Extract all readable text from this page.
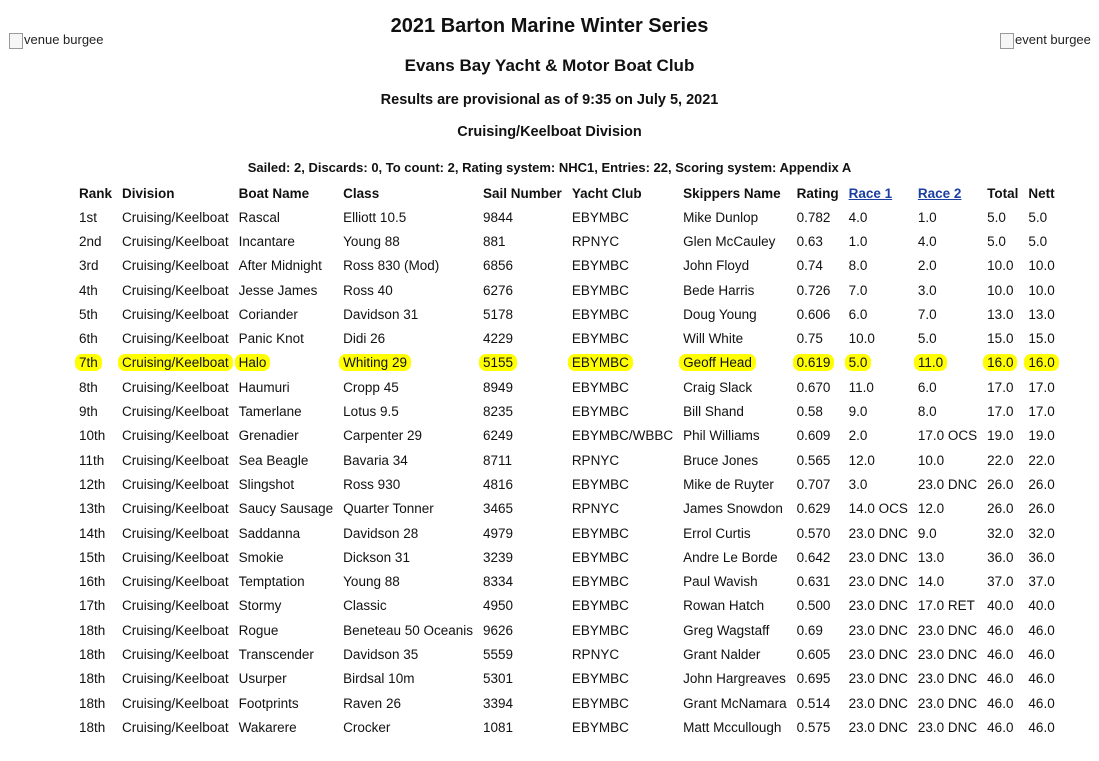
venue burgee	event burgee
2021 Barton Marine Winter Series
Evans Bay Yacht & Motor Boat Club
Results are provisional as of 9:35 on July 5, 2021
Cruising/Keelboat Division
Sailed: 2, Discards: 0, To count: 2, Rating system: NHC1, Entries: 22, Scoring system: Appendix A
Rank	Division	Boat Name	Class	Sail Number	Yacht Club	Skippers Name	Rating	Race 1	Race 2	Total	Nett
1st	Cruising/Keelboat	Rascal	Elliott 10.5	9844	EBYMBC	Mike Dunlop	0.782	4.0	1.0	5.0	5.0
2nd	Cruising/Keelboat	Incantare	Young 88	881	RPNYC	Glen McCauley	0.63	1.0	4.0	5.0	5.0
3rd	Cruising/Keelboat	After Midnight	Ross 830 (Mod)	6856	EBYMBC	John Floyd	0.74	8.0	2.0	10.0	10.0
4th	Cruising/Keelboat	Jesse James	Ross 40	6276	EBYMBC	Bede Harris	0.726	7.0	3.0	10.0	10.0
5th	Cruising/Keelboat	Coriander	Davidson 31	5178	EBYMBC	Doug Young	0.606	6.0	7.0	13.0	13.0
6th	Cruising/Keelboat	Panic Knot	Didi 26	4229	EBYMBC	Will White	0.75	10.0	5.0	15.0	15.0
7th	Cruising/Keelboat	Halo	Whiting 29	5155	EBYMBC	Geoff Head	0.619	5.0	11.0	16.0	16.0
8th	Cruising/Keelboat	Haumuri	Cropp 45	8949	EBYMBC	Craig Slack	0.670	11.0	6.0	17.0	17.0
9th	Cruising/Keelboat	Tamerlane	Lotus 9.5	8235	EBYMBC	Bill Shand	0.58	9.0	8.0	17.0	17.0
10th	Cruising/Keelboat	Grenadier	Carpenter 29	6249	EBYMBC/WBBC	Phil Williams	0.609	2.0	17.0 OCS	19.0	19.0
11th	Cruising/Keelboat	Sea Beagle	Bavaria 34	8711	RPNYC	Bruce Jones	0.565	12.0	10.0	22.0	22.0
12th	Cruising/Keelboat	Slingshot	Ross 930	4816	EBYMBC	Mike de Ruyter	0.707	3.0	23.0 DNC	26.0	26.0
13th	Cruising/Keelboat	Saucy Sausage	Quarter Tonner	3465	RPNYC	James Snowdon	0.629	14.0 OCS	12.0	26.0	26.0
14th	Cruising/Keelboat	Saddanna	Davidson 28	4979	EBYMBC	Errol Curtis	0.570	23.0 DNC	9.0	32.0	32.0
15th	Cruising/Keelboat	Smokie	Dickson 31	3239	EBYMBC	Andre Le Borde	0.642	23.0 DNC	13.0	36.0	36.0
16th	Cruising/Keelboat	Temptation	Young 88	8334	EBYMBC	Paul Wavish	0.631	23.0 DNC	14.0	37.0	37.0
17th	Cruising/Keelboat	Stormy	Classic	4950	EBYMBC	Rowan Hatch	0.500	23.0 DNC	17.0 RET	40.0	40.0
18th	Cruising/Keelboat	Rogue	Beneteau 50 Oceanis	9626	EBYMBC	Greg Wagstaff	0.69	23.0 DNC	23.0 DNC	46.0	46.0
18th	Cruising/Keelboat	Transcender	Davidson 35	5559	RPNYC	Grant Nalder	0.605	23.0 DNC	23.0 DNC	46.0	46.0
18th	Cruising/Keelboat	Usurper	Birdsal 10m	5301	EBYMBC	John Hargreaves	0.695	23.0 DNC	23.0 DNC	46.0	46.0
18th	Cruising/Keelboat	Footprints	Raven 26	3394	EBYMBC	Grant McNamara	0.514	23.0 DNC	23.0 DNC	46.0	46.0
18th	Cruising/Keelboat	Wakarere	Crocker	1081	EBYMBC	Matt Mccullough	0.575	23.0 DNC	23.0 DNC	46.0	46.0
